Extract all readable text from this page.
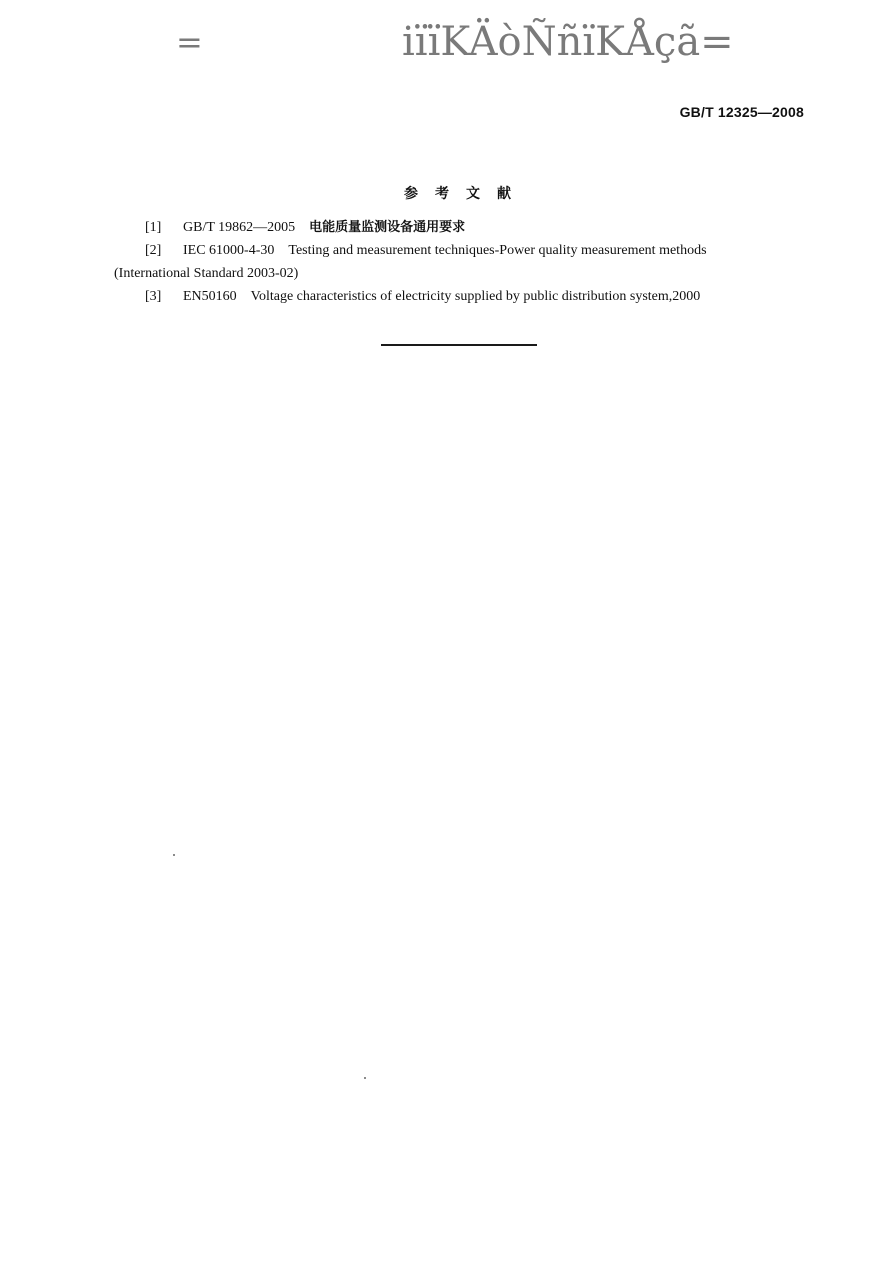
=	iïïKÄòÑñïKÅçã=
GB/T 12325—2008
参考文献
[1] GB/T 19862—2005 电能质量监测设备通用要求
[2] IEC 61000-4-30 Testing and measurement techniques-Power quality measurement methods
(International Standard 2003-02)
[3] EN50160 Voltage characteristics of electricity supplied by public distribution system,2000
